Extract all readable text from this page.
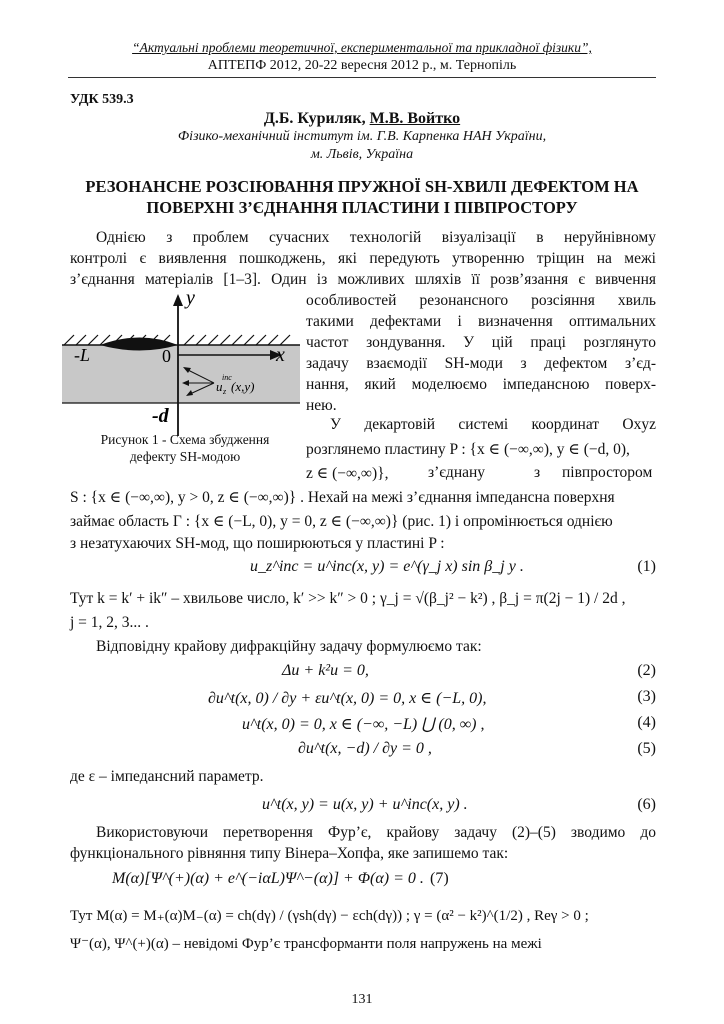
“Актуальні проблеми теоретичної, експериментальної та прикладної фізики”,
АПТЕПФ 2012, 20-22 вересня 2012 р., м. Тернопіль
УДК 539.3
Д.Б. Куриляк, М.В. Войтко
Фізико-механічний інститут ім. Г.В. Карпенка НАН України,
м. Львів, Україна
РЕЗОНАНСНЕ РОЗСІЮВАННЯ ПРУЖНОЇ SH-ХВИЛІ ДЕФЕКТОМ НА
ПОВЕРХНІ З’ЄДНАННЯ ПЛАСТИНИ І ПІВПРОСТОРУ
Однією з проблем сучасних технологій візуалізації в неруйнівному
контролі є виявлення пошкоджень, які передують утворенню тріщин на межі
з’єднання матеріалів [1–3]. Один із можливих шляхів її розв’язання є вивчення
особливостей резонансного розсіяння хвиль
такими дефектами і визначення оптимальних
частот зондування. У цій праці розглянуто
задачу взаємодії SH-моди з дефектом з’єд-
нання, який моделюємо імпедансною поверх-
нею.
У декартовій системі координат Oxyz
розглянемо пластину P : {x ∈ (−∞,∞), y ∈ (−d, 0),
z ∈ (−∞,∞)},	з’єднану	з півпростором
y
x
-L	0
-d
u
inc
z (x,y)
Рисунок 1 - Схема збудження
дефекту SH-модою
S : {x ∈ (−∞,∞), y > 0, z ∈ (−∞,∞)} . Нехай на межі з’єднання імпедансна поверхня
займає область Γ : {x ∈ (−L, 0), y = 0, z ∈ (−∞,∞)} (рис. 1) і опромінюється однією
з незатухаючих SH-мод, що поширюються у пластині P :
u_z^inc = u^inc(x, y) = e^(γ_j x) sin β_j y .	(1)
Тут k = k′ + ik″ – хвильове число, k′ >> k″ > 0 ; γ_j = √(β_j² − k²) , β_j = π(2j − 1) / 2d ,
j = 1, 2, 3... .
Відповідну крайову дифракційну задачу формулюємо так:
Δu + k²u = 0,	(2)
∂u^t(x, 0) / ∂y + εu^t(x, 0) = 0, x ∈ (−L, 0),	(3)
u^t(x, 0) = 0, x ∈ (−∞, −L) ⋃ (0, ∞) ,	(4)
∂u^t(x, −d) / ∂y = 0 ,	(5)
де ε – імпедансний параметр.
u^t(x, y) = u(x, y) + u^inc(x, y) .	(6)
Використовуючи перетворення Фур’є, крайову задачу (2)–(5) зводимо до
функціонального рівняння типу Вінера–Хопфа, яке запишемо так:
M(α)[Ψ^(+)(α) + e^(−iαL)Ψ^−(α)] + Φ(α) = 0 . (7)
Тут M(α) = M₊(α)M₋(α) = ch(dγ) / (γsh(dγ) − εch(dγ)) ; γ = (α² − k²)^(1/2) , Reγ > 0 ;
Ψ⁻(α), Ψ^(+)(α) – невідомі Фур’є трансформанти поля напружень на межі
131
